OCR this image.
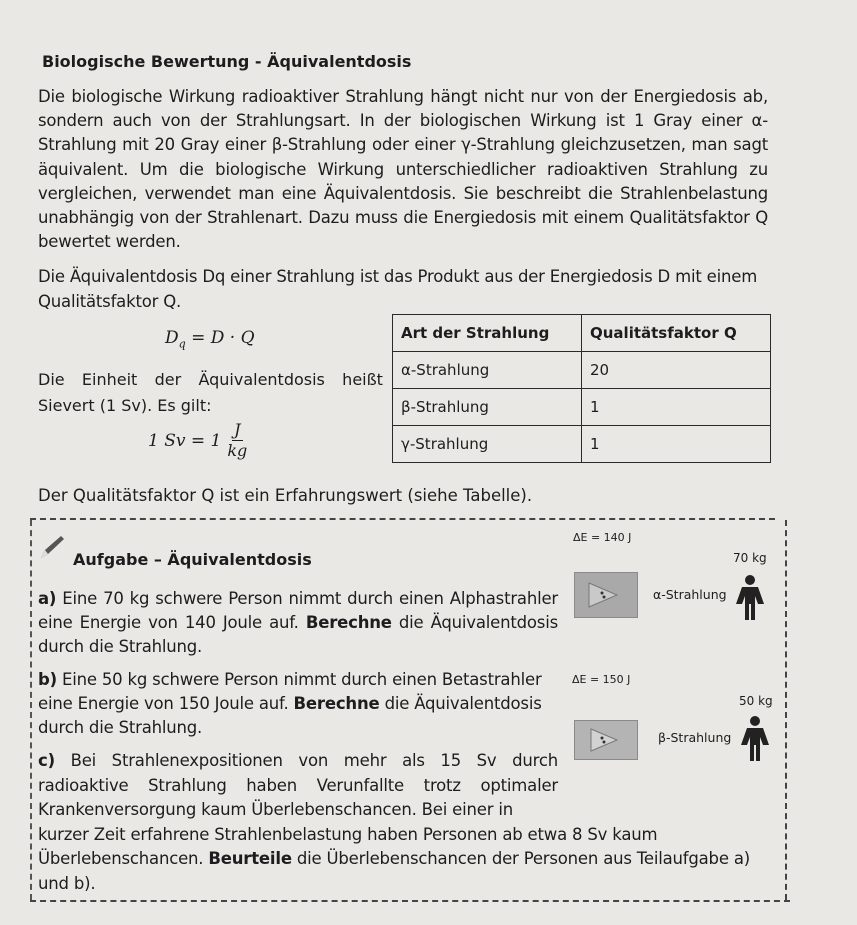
Biologische Bewertung - Äquivalentdosis
Die biologische Wirkung radioaktiver Strahlung hängt nicht nur von der Energiedosis ab, sondern auch von der Strahlungsart. In der biologischen Wirkung ist 1 Gray einer α-Strahlung mit 20 Gray einer β-Strahlung oder einer γ-Strahlung gleichzusetzen, man sagt äquivalent. Um die biologische Wirkung unterschiedlicher radioaktiven Strahlung zu vergleichen, verwendet man eine Äquivalentdosis. Sie beschreibt die Strahlenbelastung unabhängig von der Strahlenart. Dazu muss die Energiedosis mit einem Qualitätsfaktor Q bewertet werden.
Die Äquivalentdosis Dq einer Strahlung ist das Produkt aus der Energiedosis D mit einem Qualitätsfaktor Q.
$D_q = D \cdot Q$
Die Einheit der Äquivalentdosis heißt
Sievert (1 Sv). Es gilt:
1 $Sv = 1 \frac{J}{kg}$
Art der Strahlung	Qualitätsfaktor Q
α-Strahlung	20
β-Strahlung	1
γ-Strahlung	1
Der Qualitätsfaktor Q ist ein Erfahrungswert (siehe Tabelle).
Aufgabe – Äquivalentdosis
a) Eine 70 kg schwere Person nimmt durch einen Alphastrahler eine Energie von 140 Joule auf. Berechne die Äquivalentdosis durch die Strahlung.
b) Eine 50 kg schwere Person nimmt durch einen Betastrahler eine Energie von 150 Joule auf. Berechne die Äquivalentdosis durch die Strahlung.
c) Bei Strahlenexpositionen von mehr als 15 Sv durch radioaktive Strahlung haben Verunfallte trotz optimaler Krankenversorgung kaum Überlebenschancen. Bei einer in
kurzer Zeit erfahrene Strahlenbelastung haben Personen ab etwa 8 Sv kaum Überlebenschancen. Beurteile die Überlebenschancen der Personen aus Teilaufgabe a) und b).
ΔE = 140 J
70 kg
α-Strahlung
ΔE = 150 J
50 kg
β-Strahlung
